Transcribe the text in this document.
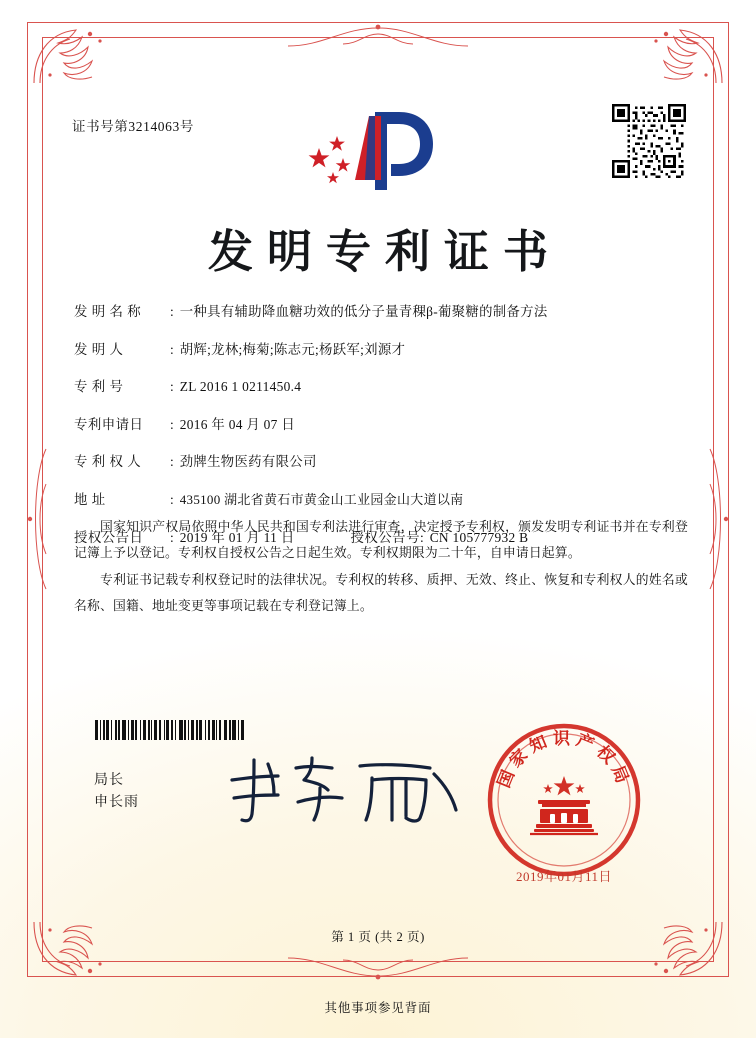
证书号第3214063号
发明专利证书
发 明 名 称	: 一种具有辅助降血糖功效的低分子量青稞β-葡聚糖的制备方法
发 明 人	: 胡辉;龙林;梅菊;陈志元;杨跃军;刘源才
专 利 号	: ZL 2016 1 0211450.4
专利申请日	: 2016 年 04 月 07 日
专 利 权 人	: 劲牌生物医药有限公司
地 址	: 435100 湖北省黄石市黄金山工业园金山大道以南
授权公告日	: 2019 年 01 月 11 日	授权公告号 : CN 105777932 B

国家知识产权局依照中华人民共和国专利法进行审查，决定授予专利权，颁发发明专利证书并在专利登记簿上予以登记。专利权自授权公告之日起生效。专利权期限为二十年，自申请日起算。

专利证书记载专利权登记时的法律状况。专利权的转移、质押、无效、终止、恢复和专利权人的姓名或名称、国籍、地址变更等事项记载在专利登记簿上。

局长
申长雨
国家知识产权局
2019年01月11日
第 1 页 (共 2 页)
其他事项参见背面
